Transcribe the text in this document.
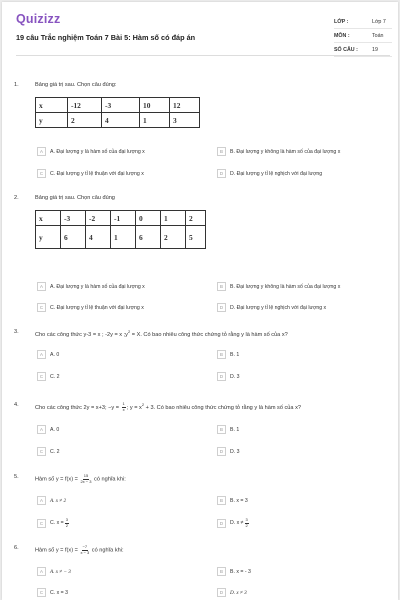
Quizizz
19 câu Trắc nghiệm Toán 7 Bài 5: Hàm số có đáp án
LỚP :	Lớp 7
MÔN :	Toán
SỐ CÂU :	19
1.	Bảng giá trị sau. Chọn câu đúng:
x	-12	-3	10	12
y	2	4	1	3
A	A. Đại lượng y là hàm số của đại lượng x	B	B. Đại lượng y không là hàm số của đại lượng x
C	C. Đại lượng y tỉ lệ thuận với đại lượng x	D	D. Đại lượng y tỉ lệ nghịch với đại lượng
2.	Bảng giá trị sau. Chọn câu đúng
x	-3	-2	-1	0	1	2
y	6	4	1	6	2	5
A	A. Đại lượng y là hàm số của đại lượng x	B	B. Đại lượng y không là hàm số của đại lượng x
C	C. Đại lượng y tỉ lệ thuận với đại lượng x	D	D. Đại lượng y tỉ lệ nghịch với đại lượng x
3.	Cho các công thức y-3 = x ; -2y = x $;y^2 = X$. Có bao nhiêu công thức chứng tỏ rằng y là hàm số của x?
A	A. 0	B	B. 1
C	C. 2	D	D. 3
4.	Cho các công thức 2y = x+3; $-y = \frac{1}{x}$ ; $y = x^2 + 3$. Có bao nhiêu công thức chứng tỏ rằng y là hàm số của x?
A	A. 0	B	B. 1
C	C. 2	D	D. 3
5.	Hàm số $y = f(x) = \frac{15}{2x - 3}$ có nghĩa khi:
A	A. x ≠ 2	B	B. x = 3
C	C. $x = \frac{3}{2}$	D	D. $x \ne \frac{3}{2}$
6.	Hàm số $y = f(x) = \frac{-7}{x - 3}$ có nghĩa khi:
A	A. x ≠ − 3	B	B. x = - 3
C	C. x = 3	D	D. x ≠ 3
